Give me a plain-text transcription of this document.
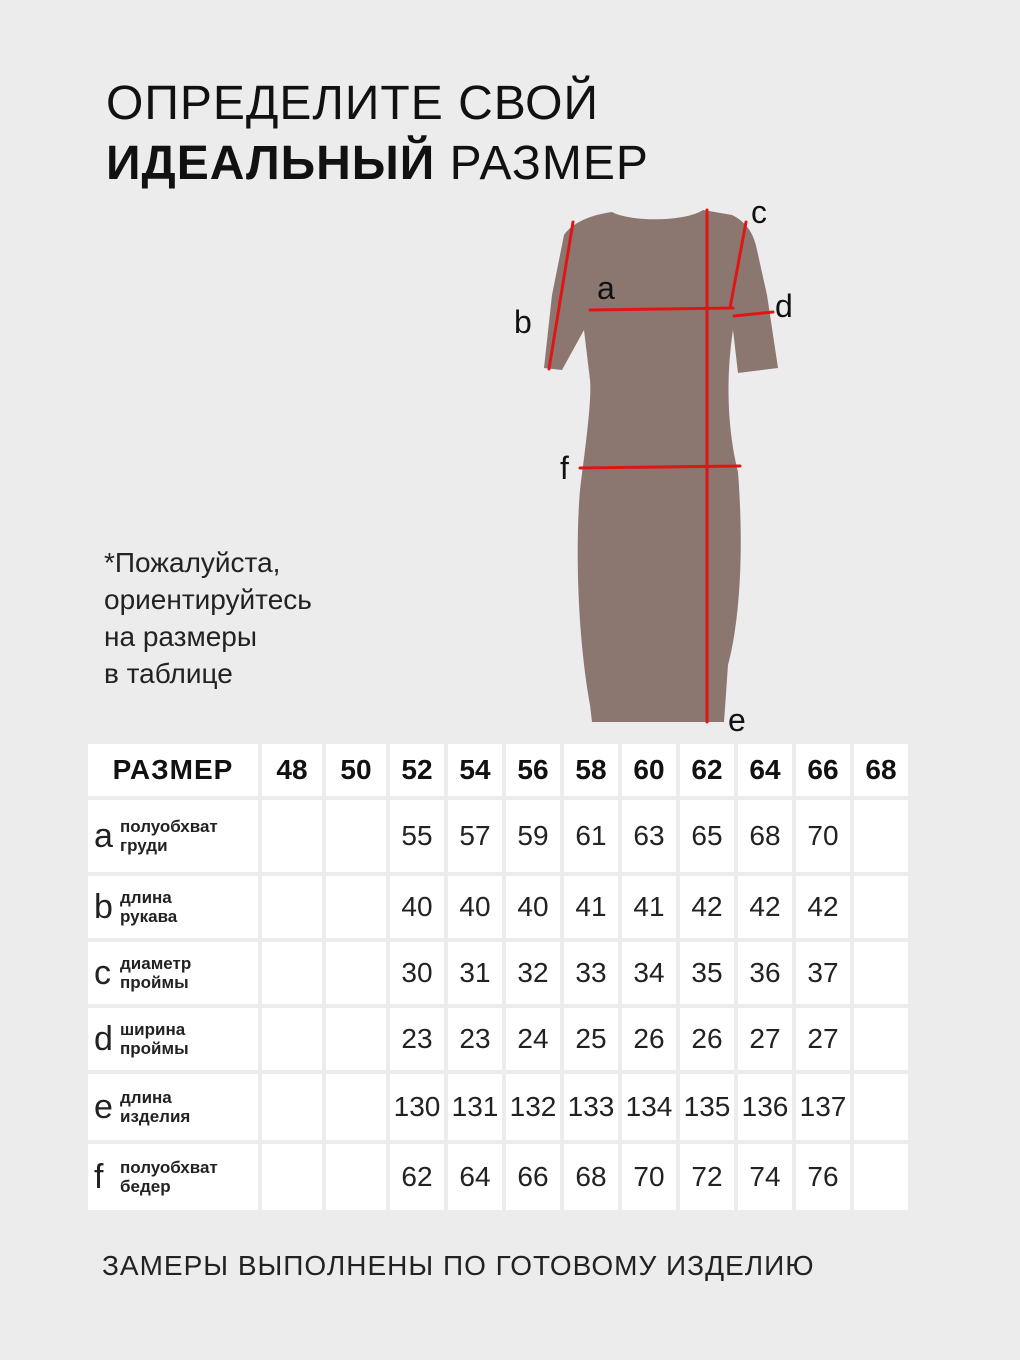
ОПРЕДЕЛИТЕ СВОЙ
ИДЕАЛЬНЫЙ РАЗМЕР
a
b
c
d
e
f
*Пожалуйста,
ориентируйтесь
на размеры
в таблице
РАЗМЕР	48	50	52	54	56	58	60	62	64	66	68
a полуобхват
груди			55	57	59	61	63	65	68	70	
b длина
рукава			40	40	40	41	41	42	42	42	
c диаметр
проймы			30	31	32	33	34	35	36	37	
d ширина
проймы			23	23	24	25	26	26	27	27	
e длина
изделия			130	131	132	133	134	135	136	137	
f полуобхват
бедер			62	64	66	68	70	72	74	76	
ЗАМЕРЫ ВЫПОЛНЕНЫ ПО ГОТОВОМУ ИЗДЕЛИЮ
